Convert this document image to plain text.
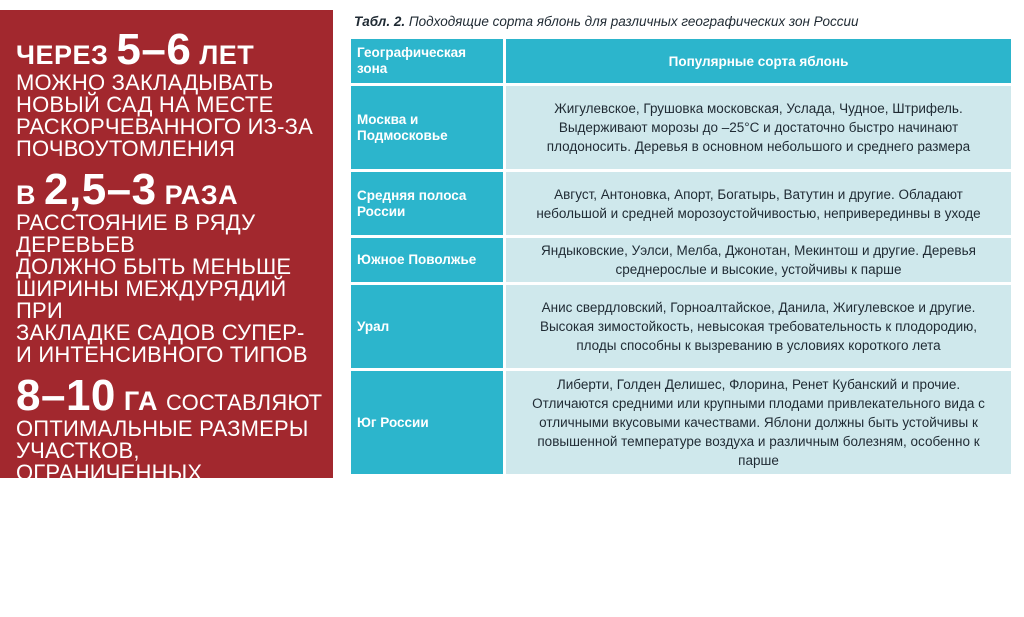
ЧЕРЕЗ 5–6 ЛЕТ
МОЖНО ЗАКЛАДЫВАТЬ
НОВЫЙ САД НА МЕСТЕ
РАСКОРЧЕВАННОГО ИЗ-ЗА
ПОЧВОУТОМЛЕНИЯ
В 2,5–3 РАЗА
РАССТОЯНИЕ В РЯДУ ДЕРЕВЬЕВ
ДОЛЖНО БЫТЬ МЕНЬШЕ
ШИРИНЫ МЕЖДУРЯДИЙ ПРИ
ЗАКЛАДКЕ САДОВ СУПЕР-
И ИНТЕНСИВНОГО ТИПОВ
8–10 ГА СОСТАВЛЯЮТ
ОПТИМАЛЬНЫЕ РАЗМЕРЫ
УЧАСТКОВ, ОГРАНИЧЕННЫХ
ЗАЩИТНЫМИ НАСАЖДЕНИЯМИ
И ДОРОГАМИ, ДЛЯ ЯБЛОНЕВЫХ
СУПЕР- И ИНТЕНСИВНЫХ САДОВ
Табл. 2. Подходящие сорта яблонь для различных географических зон России
Географическая зона	Популярные сорта яблонь
Москва и Подмосковье	Жигулевское, Грушовка московская, Услада, Чудное, Штрифель. Выдерживают морозы до –25°С и достаточно быстро начинают плодоносить. Деревья в основном небольшого и среднего размера
Средняя полоса России	Август, Антоновка, Апорт, Богатырь, Ватутин и другие. Обладают небольшой и средней морозоустойчивостью, неприверединвы в уходе
Южное Поволжье	Яндыковские, Уэлси, Мелба, Джонотан, Мекинтош и другие. Деревья среднерослые и высокие, устойчивы к парше
Урал	Анис свердловский, Горноалтайское, Данила, Жигулевское и другие. Высокая зимостойкость, невысокая требовательность к плодородию, плоды способны к вызреванию в условиях короткого лета
Юг России	Либерти, Голден Делишес, Флорина, Ренет Кубанский и прочие. Отличаются средними или крупными плодами привлекательного вида с отличными вкусовыми качествами. Яблони должны быть устойчивы к повышенной температуре воздуха и различным болезням, особенно к парше
